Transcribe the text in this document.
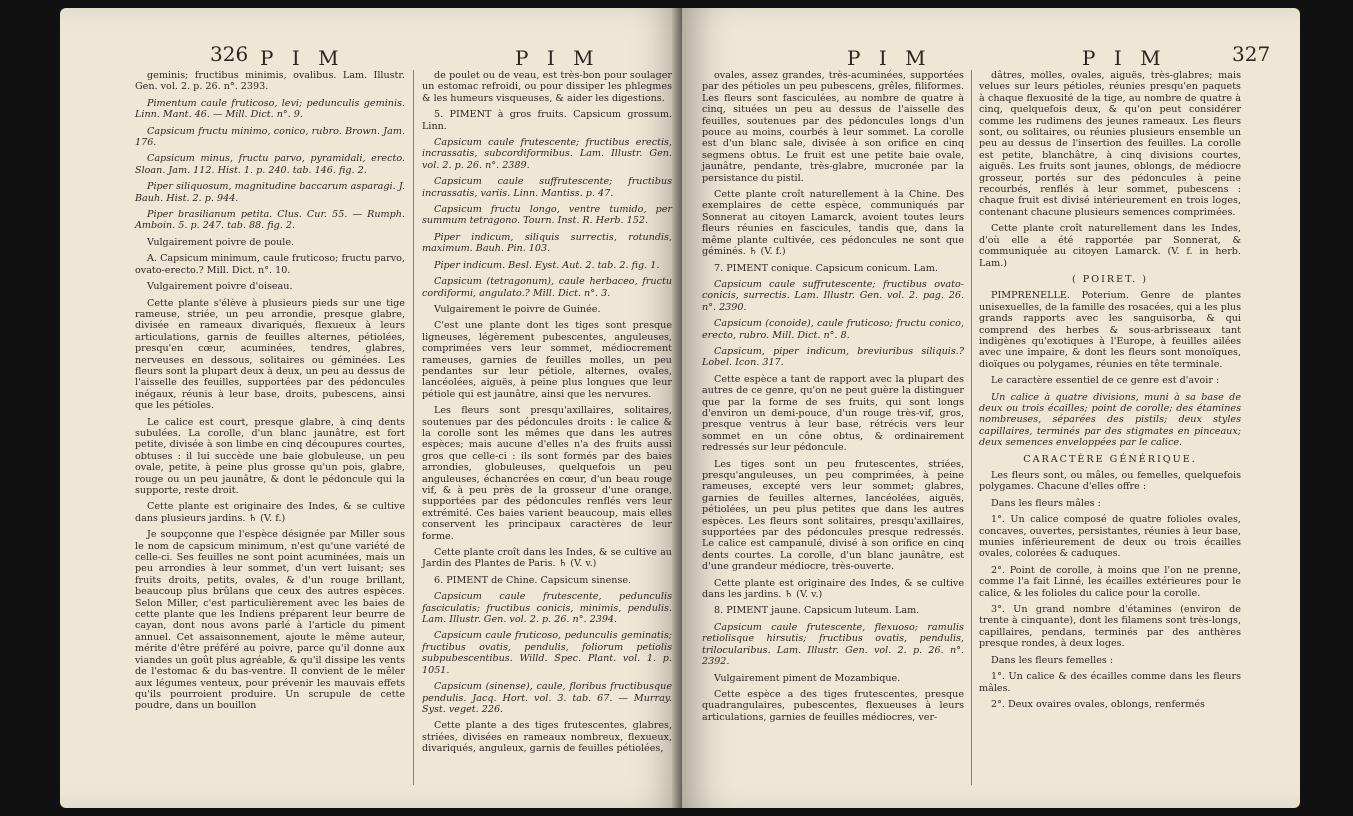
326 P I M	P I M

geminis; fructibus minimis, ovalibus. Lam. Illustr. Gen. vol. 2. p. 26. n°. 2393.

Pimentum caule fruticoso, levi; pedunculis geminis. Linn. Mant. 46. — Mill. Dict. n°. 9.

Capsicum fructu minimo, conico, rubro. Brown. Jam. 176.

Capsicum minus, fructu parvo, pyramidali, erecto. Sloan. Jam. 112. Hist. 1. p. 240. tab. 146. fig. 2.

Piper siliquosum, magnitudine baccarum asparagi. J. Bauh. Hist. 2. p. 944.

Piper brasilianum petita. Clus. Cur. 55. — Rumph. Amboin. 5. p. 247. tab. 88. fig. 2.

Vulgairement poivre de poule.

A. Capsicum minimum, caule fruticoso; fructu parvo, ovato-erecto.? Mill. Dict. n°. 10.

Vulgairement poivre d'oiseau.

Cette plante s'élève à plusieurs pieds sur une tige rameuse, striée, un peu arrondie, presque glabre, divisée en rameaux divariqués, flexueux à leurs articulations, garnis de feuilles alternes, pétiolées, presqu'en cœur, acuminées, tendres, glabres, nerveuses en dessous, solitaires ou géminées. Les fleurs sont la plupart deux à deux, un peu au dessus de l'aisselle des feuilles, supportées par des pédoncules inégaux, réunis à leur base, droits, pubescens, ainsi que les pétioles.

Le calice est court, presque glabre, à cinq dents subulées. La corolle, d'un blanc jaunâtre, est fort petite, divisée à son limbe en cinq découpures courtes, obtuses : il lui succède une baie globuleuse, un peu ovale, petite, à peine plus grosse qu'un pois, glabre, rouge ou un peu jaunâtre, & dont le pédoncule qui la supporte, reste droit.

Cette plante est originaire des Indes, & se cultive dans plusieurs jardins. ♄ (V. f.)

Je soupçonne que l'espèce désignée par Miller sous le nom de capsicum minimum, n'est qu'une variété de celle-ci. Ses feuilles ne sont point acuminées, mais un peu arrondies à leur sommet, d'un vert luisant; ses fruits droits, petits, ovales, & d'un rouge brillant, beaucoup plus brûlans que ceux des autres espèces. Selon Miller, c'est particulièrement avec les baies de cette plante que les Indiens préparent leur beurre de cayan, dont nous avons parlé à l'article du piment annuel. Cet assaisonnement, ajoute le même auteur, mérite d'être préféré au poivre, parce qu'il donne aux viandes un goût plus agréable, & qu'il dissipe les vents de l'estomac & du bas-ventre. Il convient de le mêler aux légumes venteux, pour prévenir les mauvais effets qu'ils pourroient produire. Un scrupule de cette poudre, dans un bouillon

de poulet ou de veau, est très-bon pour soulager un estomac refroidi, ou pour dissiper les phlegmes & les humeurs visqueuses, & aider les digestions.

5. PIMENT à gros fruits. Capsicum grossum. Linn.

Capsicum caule frutescente; fructibus erectis, incrassatis, subcordiformibus. Lam. Illustr. Gen. vol. 2. p. 26. n°. 2389.

Capsicum caule suffrutescente; fructibus incrassatis, variis. Linn. Mantiss. p. 47.

Capsicum fructu longo, ventre tumido, per summum tetragono. Tourn. Inst. R. Herb. 152.

Piper indicum, siliquis surrectis, rotundis, maximum. Bauh. Pin. 103.

Piper indicum. Besl. Eyst. Aut. 2. tab. 2. fig. 1.

Capsicum (tetragonum), caule herbaceo, fructu cordiformi, angulato.? Mill. Dict. n°. 3.

Vulgairement le poivre de Guinée.

C'est une plante dont les tiges sont presque ligneuses, légèrement pubescentes, anguleuses, comprimées vers leur sommet, médiocrement rameuses, garnies de feuilles molles, un peu pendantes sur leur pétiole, alternes, ovales, lancéolées, aiguës, à peine plus longues que leur pétiole qui est jaunâtre, ainsi que les nervures.

Les fleurs sont presqu'axillaires, solitaires, soutenues par des pédoncules droits : le calice & la corolle sont les mêmes que dans les autres espèces; mais aucune d'elles n'a des fruits aussi gros que celle-ci : ils sont formés par des baies arrondies, globuleuses, quelquefois un peu anguleuses, échancrées en cœur, d'un beau rouge vif, & à peu près de la grosseur d'une orange, supportées par des pédoncules renflés vers leur extrémité. Ces baies varient beaucoup, mais elles conservent les principaux caractères de leur forme.

Cette plante croît dans les Indes, & se cultive au Jardin des Plantes de Paris. ♄ (V. v.)

6. PIMENT de Chine. Capsicum sinense.

Capsicum caule frutescente, pedunculis fasciculatis; fructibus conicis, minimis, pendulis. Lam. Illustr. Gen. vol. 2. p. 26. n°. 2394.

Capsicum caule fruticoso, pedunculis geminatis; fructibus ovatis, pendulis, foliorum petiolis subpubescentibus. Willd. Spec. Plant. vol. 1. p. 1051.

Capsicum (sinense), caule, floribus fructibusque pendulis. Jacq. Hort. vol. 3. tab. 67. — Murray. Syst. veget. 226.

Cette plante a des tiges frutescentes, glabres, striées, divisées en rameaux nombreux, flexueux, divariqués, anguleux, garnis de feuilles pétiolées,

P I M	P I M	327

ovales, assez grandes, très-acuminées, supportées par des pétioles un peu pubescens, grêles, filiformes. Les fleurs sont fasciculées, au nombre de quatre à cinq, situées un peu au dessus de l'aisselle des feuilles, soutenues par des pédoncules longs d'un pouce au moins, courbés à leur sommet. La corolle est d'un blanc sale, divisée à son orifice en cinq segmens obtus. Le fruit est une petite baie ovale, jaunâtre, pendante, très-glabre, mucronée par la persistance du pistil.

Cette plante croît naturellement à la Chine. Des exemplaires de cette espèce, communiqués par Sonnerat au citoyen Lamarck, avoient toutes leurs fleurs réunies en fascicules, tandis que, dans la même plante cultivée, ces pédoncules ne sont que géminés. ♄ (V. f.)

7. PIMENT conique. Capsicum conicum. Lam.

Capsicum caule suffrutescente; fructibus ovato-conicis, surrectis. Lam. Illustr. Gen. vol. 2. pag. 26. n°. 2390.

Capsicum (conoide), caule fruticoso; fructu conico, erecto, rubro. Mill. Dict. n°. 8.

Capsicum, piper indicum, breviuribus siliquis.? Lobel. Icon. 317.

Cette espèce a tant de rapport avec la plupart des autres de ce genre, qu'on ne peut guère la distinguer que par la forme de ses fruits, qui sont longs d'environ un demi-pouce, d'un rouge très-vif, gros, presque ventrus à leur base, rétrécis vers leur sommet en un cône obtus, & ordinairement redressés sur leur pédoncule.

Les tiges sont un peu frutescentes, striées, presqu'anguleuses, un peu comprimées, à peine rameuses, excepté vers leur sommet; glabres, garnies de feuilles alternes, lancéolées, aiguës, pétiolées, un peu plus petites que dans les autres espèces. Les fleurs sont solitaires, presqu'axillaires, supportées par des pédoncules presque redressés. Le calice est campanulé, divisé à son orifice en cinq dents courtes. La corolle, d'un blanc jaunâtre, est d'une grandeur médiocre, très-ouverte.

Cette plante est originaire des Indes, & se cultive dans les jardins. ♄ (V. v.)

8. PIMENT jaune. Capsicum luteum. Lam.

Capsicum caule frutescente, flexuoso; ramulis retiolisque hirsutis; fructibus ovatis, pendulis, trilocularibus. Lam. Illustr. Gen. vol. 2. p. 26. n°. 2392.

Vulgairement piment de Mozambique.

Cette espèce a des tiges frutescentes, presque quadrangulaires, pubescentes, flexueuses à leurs articulations, garnies de feuilles médiocres, ver-

dâtres, molles, ovales, aiguës, très-glabres; mais velues sur leurs pétioles, réunies presqu'en paquets à chaque flexuosité de la tige, au nombre de quatre à cinq, quelquefois deux, & qu'on peut considérer comme les rudimens des jeunes rameaux. Les fleurs sont, ou solitaires, ou réunies plusieurs ensemble un peu au dessus de l'insertion des feuilles. La corolle est petite, blanchâtre, à cinq divisions courtes, aiguës. Les fruits sont jaunes, oblongs, de médiocre grosseur, portés sur des pédoncules à peine recourbés, renflés à leur sommet, pubescens : chaque fruit est divisé intérieurement en trois loges, contenant chacune plusieurs semences comprimées.

Cette plante croît naturellement dans les Indes, d'où elle a été rapportée par Sonnerat, & communiquée au citoyen Lamarck. (V. f. in herb. Lam.)

( POIRET. )

PIMPRENELLE. Poterium. Genre de plantes unisexuelles, de la famille des rosacées, qui a les plus grands rapports avec les sanguisorba, & qui comprend des herbes & sous-arbrisseaux tant indigènes qu'exotiques à l'Europe, à feuilles ailées avec une impaire, & dont les fleurs sont monoïques, dioïques ou polygames, réunies en tête terminale.

Le caractère essentiel de ce genre est d'avoir :

Un calice à quatre divisions, muni à sa base de deux ou trois écailles; point de corolle; des étamines nombreuses, séparées des pistils; deux styles capillaires, terminés par des stigmates en pinceaux; deux semences enveloppées par le calice.

CARACTÈRE GÉNÉRIQUE.

Les fleurs sont, ou mâles, ou femelles, quelquefois polygames. Chacune d'elles offre :

Dans les fleurs mâles :

1°. Un calice composé de quatre folioles ovales, concaves, ouvertes, persistantes, réunies à leur base, munies inférieurement de deux ou trois écailles ovales, colorées & caduques.

2°. Point de corolle, à moins que l'on ne prenne, comme l'a fait Linné, les écailles extérieures pour le calice, & les folioles du calice pour la corolle.

3°. Un grand nombre d'étamines (environ de trente à cinquante), dont les filamens sont très-longs, capillaires, pendans, terminés par des anthères presque rondes, à deux loges.

Dans les fleurs femelles :

1°. Un calice & des écailles comme dans les fleurs mâles.

2°. Deux ovaires ovales, oblongs, renfermés
